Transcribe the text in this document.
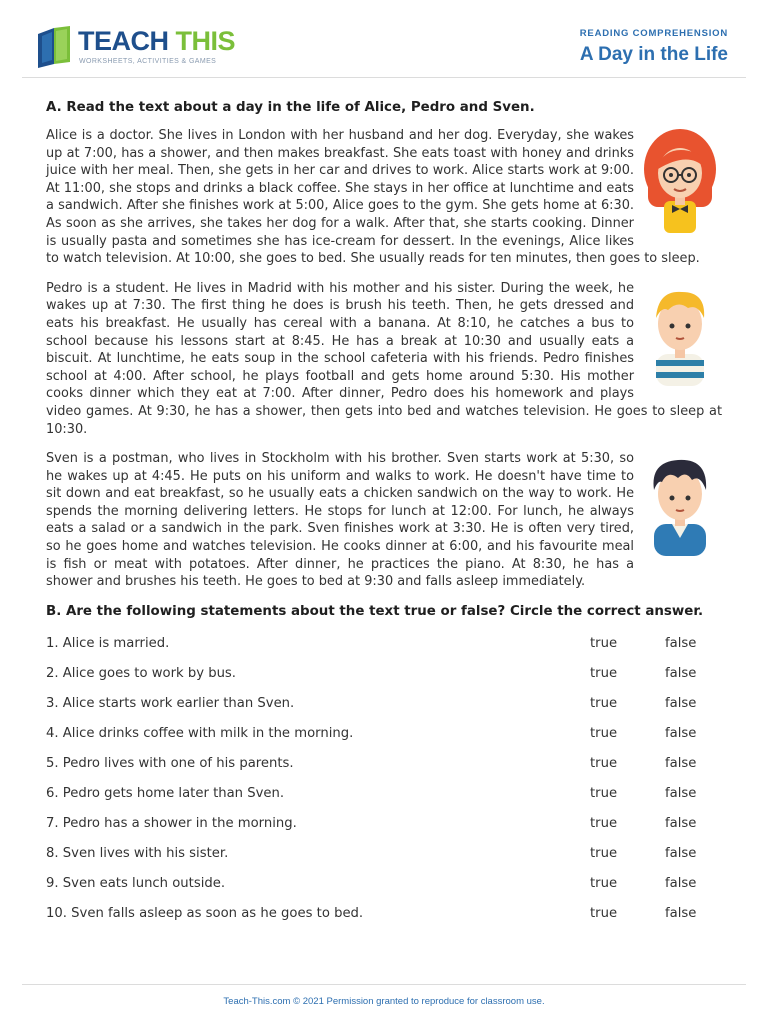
TEACH THIS
WORKSHEETS, ACTIVITIES & GAMES
READING COMPREHENSION
A Day in the Life
A. Read the text about a day in the life of Alice, Pedro and Sven.
Alice is a doctor. She lives in London with her husband and her dog. Everyday, she wakes up at 7:00, has a shower, and then makes breakfast. She eats toast with honey and drinks juice with her meal. Then, she gets in her car and drives to work. Alice starts work at 9:00. At 11:00, she stops and drinks a black coffee. She stays in her office at lunchtime and eats a sandwich. After she finishes work at 5:00, Alice goes to the gym. She gets home at 6:30. As soon as she arrives, she takes her dog for a walk. After that, she starts cooking. Dinner is usually pasta and sometimes she has ice-cream for dessert. In the evenings, Alice likes to watch television. At 10:00, she goes to bed. She usually reads for ten minutes, then goes to sleep.
Pedro is a student. He lives in Madrid with his mother and his sister. During the week, he wakes up at 7:30. The first thing he does is brush his teeth. Then, he gets dressed and eats his breakfast. He usually has cereal with a banana. At 8:10, he catches a bus to school because his lessons start at 8:45. He has a break at 10:30 and usually eats a biscuit. At lunchtime, he eats soup in the school cafeteria with his friends. Pedro finishes school at 4:00. After school, he plays football and gets home around 5:30. His mother cooks dinner which they eat at 7:00. After dinner, Pedro does his homework and plays video games. At 9:30, he has a shower, then gets into bed and watches television. He goes to sleep at 10:30.
Sven is a postman, who lives in Stockholm with his brother. Sven starts work at 5:30, so he wakes up at 4:45. He puts on his uniform and walks to work. He doesn't have time to sit down and eat breakfast, so he usually eats a chicken sandwich on the way to work. He spends the morning delivering letters. He stops for lunch at 12:00. For lunch, he always eats a salad or a sandwich in the park. Sven finishes work at 3:30. He is often very tired, so he goes home and watches television. He cooks dinner at 6:00, and his favourite meal is fish or meat with potatoes. After dinner, he practices the piano. At 8:30, he has a shower and brushes his teeth. He goes to bed at 9:30 and falls asleep immediately.
B. Are the following statements about the text true or false? Circle the correct answer.
1. Alice is married.	true	false
2. Alice goes to work by bus.	true	false
3. Alice starts work earlier than Sven.	true	false
4. Alice drinks coffee with milk in the morning.	true	false
5. Pedro lives with one of his parents.	true	false
6. Pedro gets home later than Sven.	true	false
7. Pedro has a shower in the morning.	true	false
8. Sven lives with his sister.	true	false
9. Sven eats lunch outside.	true	false
10. Sven falls asleep as soon as he goes to bed.	true	false
Teach-This.com © 2021 Permission granted to reproduce for classroom use.
